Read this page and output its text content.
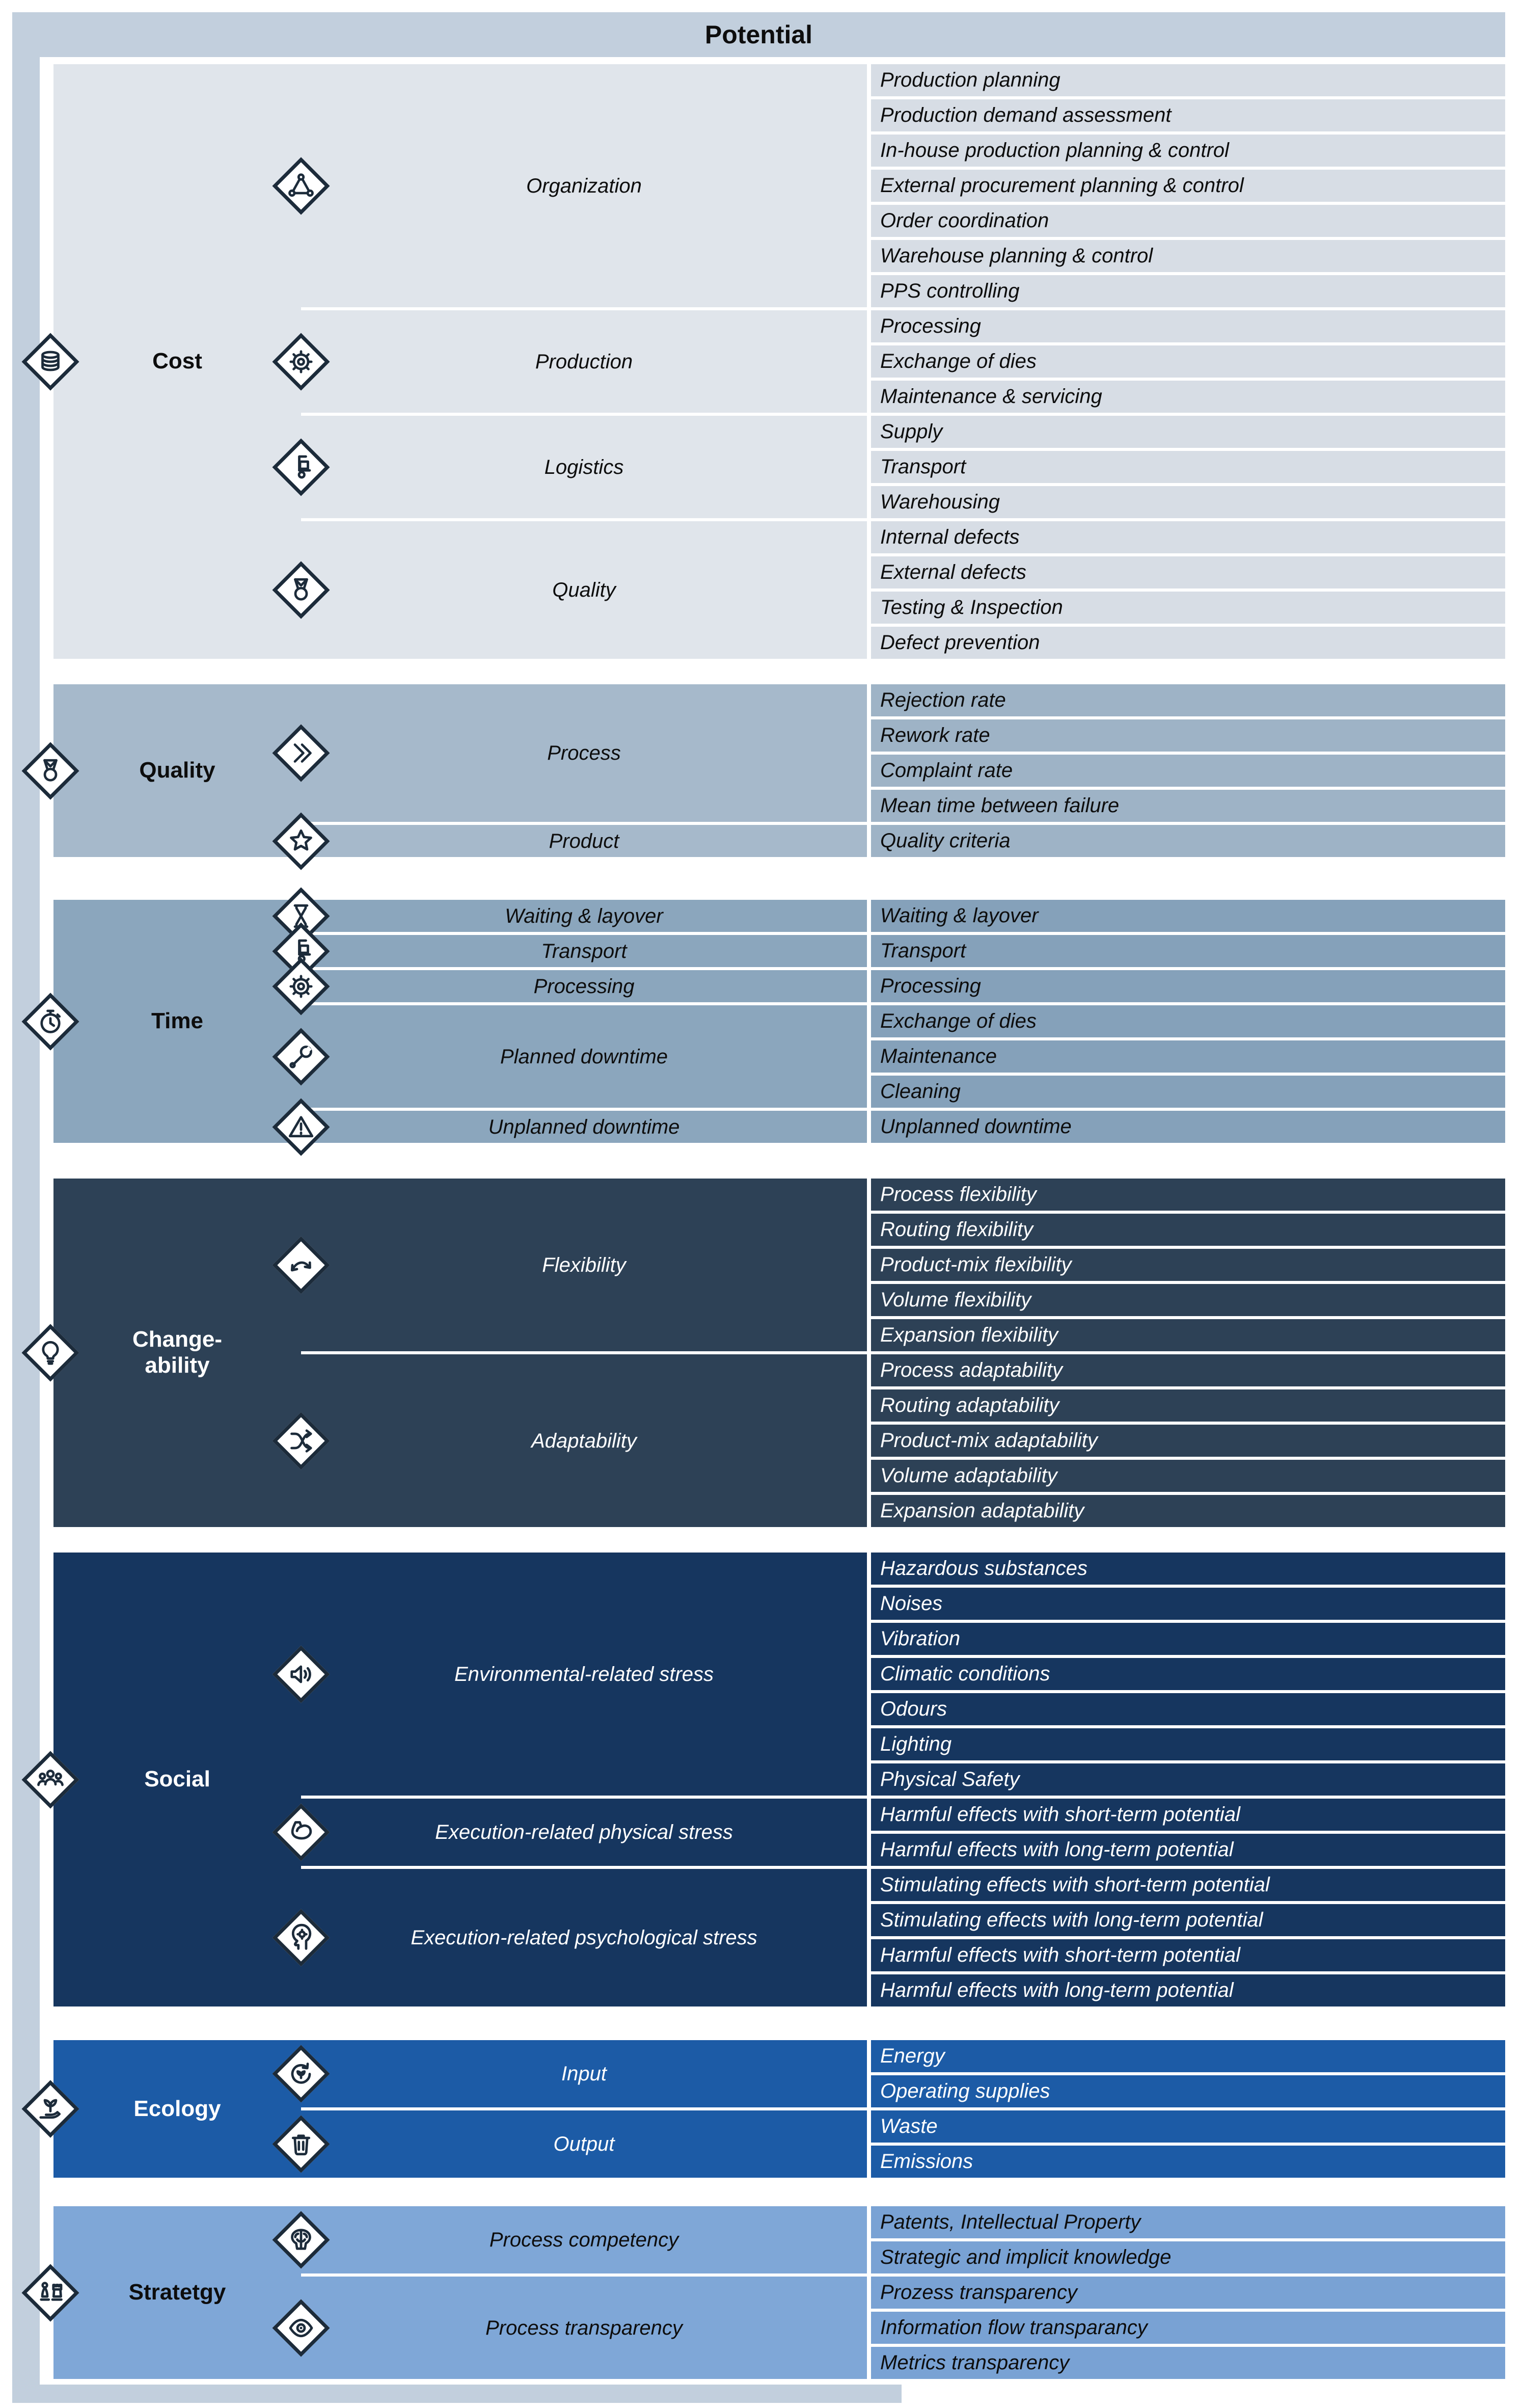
Potential
Cost
Organization
Production
Logistics
Quality
Production planning
Production demand assessment
In-house production planning & control
External procurement planning & control
Order coordination
Warehouse planning & control
PPS controlling
Processing
Exchange of dies
Maintenance & servicing
Supply
Transport
Warehousing
Internal defects
External defects
Testing & Inspection
Defect prevention
Quality
Process
Product
Rejection rate
Rework rate
Complaint rate
Mean time between failure
Quality criteria
Time
Waiting & layover
Transport
Processing
Planned downtime
Unplanned downtime
Waiting & layover
Transport
Processing
Exchange of dies
Maintenance
Cleaning
Unplanned downtime
Change-ability
Flexibility
Adaptability
Process flexibility
Routing flexibility
Product-mix flexibility
Volume flexibility
Expansion flexibility
Process adaptability
Routing adaptability
Product-mix adaptability
Volume adaptability
Expansion adaptability
Social
Environmental-related stress
Execution-related physical stress
Execution-related psychological stress
Hazardous substances
Noises
Vibration
Climatic conditions
Odours
Lighting
Physical Safety
Harmful effects with short-term potential
Harmful effects with long-term potential
Stimulating effects with short-term potential
Stimulating effects with long-term potential
Harmful effects with short-term potential
Harmful effects with long-term potential
Ecology
Input
Output
Energy
Operating supplies
Waste
Emissions
Stratetgy
Process competency
Process transparency
Patents, Intellectual Property
Strategic and implicit knowledge
Prozess transparency
Information flow transparancy
Metrics transparency
